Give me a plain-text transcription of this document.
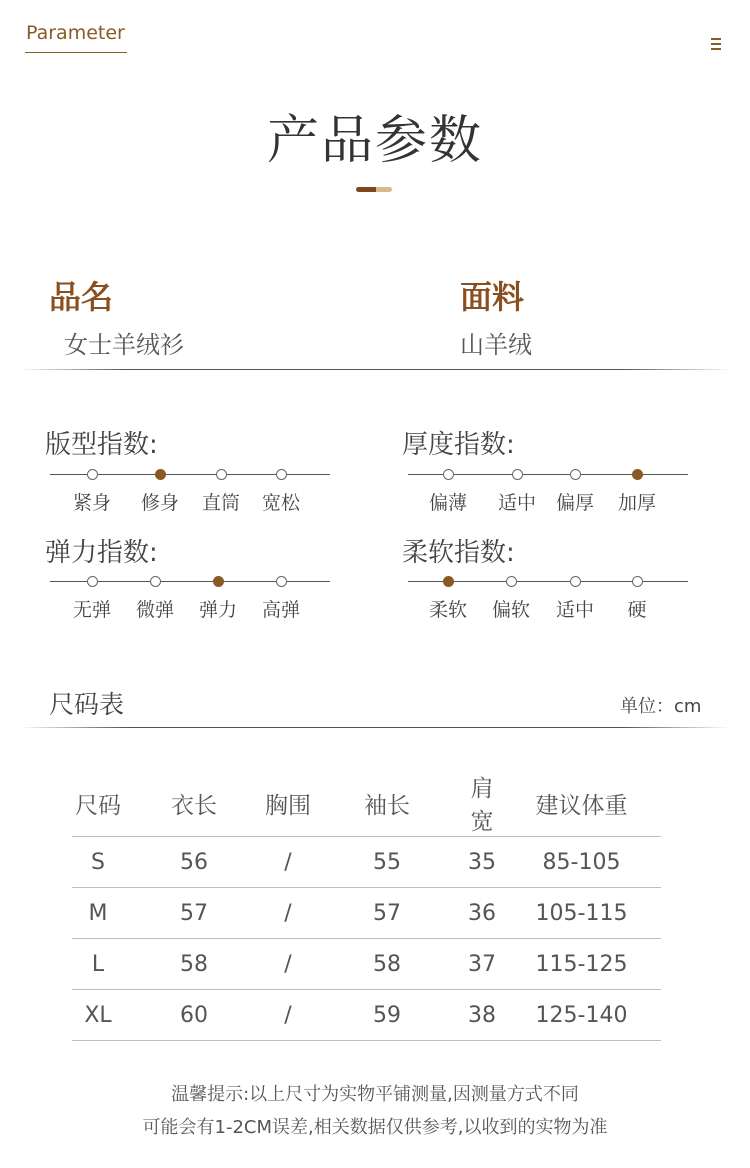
Parameter
产品参数
品名
女士羊绒衫
面料
山羊绒
版型指数:
紧身	修身	直筒	宽松
厚度指数:
偏薄	适中	偏厚	加厚
弹力指数:
无弹	微弹	弹力	高弹
柔软指数:
柔软	偏软	适中	硬
尺码表	单位：cm
尺码	衣长	胸围	袖长	肩宽	建议体重
S	56	/	55	35	85-105
M	57	/	57	36	105-115
L	58	/	58	37	115-125
XL	60	/	59	38	125-140
温馨提示:以上尺寸为实物平铺测量,因测量方式不同
可能会有1-2CM误差,相关数据仅供参考,以收到的实物为准
